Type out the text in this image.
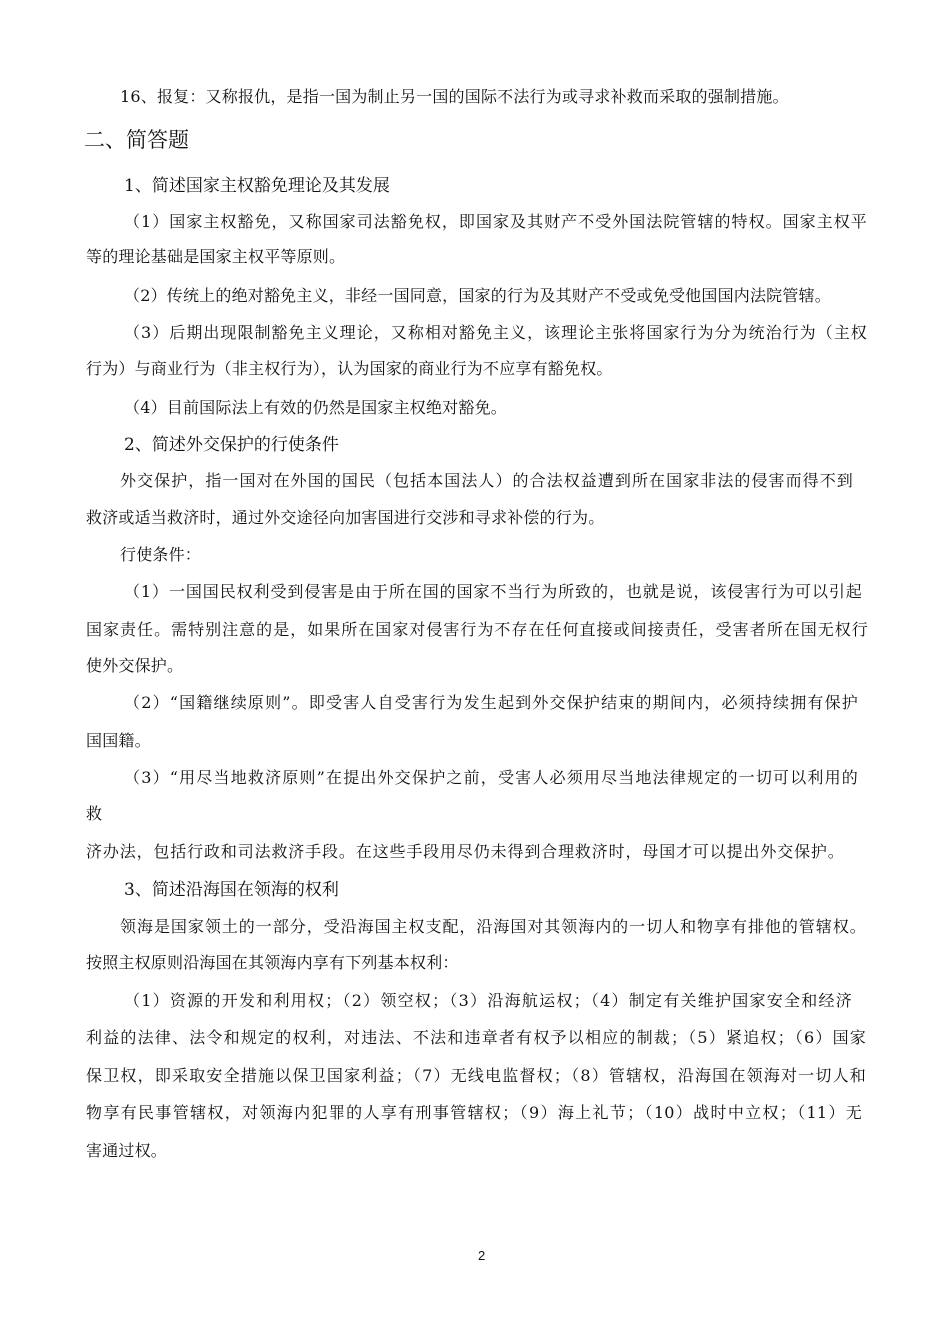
16、报复：又称报仇，是指一国为制止另一国的国际不法行为或寻求补救而采取的强制措施。
二、简答题
1、简述国家主权豁免理论及其发展
（1）国家主权豁免，又称国家司法豁免权，即国家及其财产不受外国法院管辖的特权。国家主权平
等的理论基础是国家主权平等原则。
（2）传统上的绝对豁免主义，非经一国同意，国家的行为及其财产不受或免受他国国内法院管辖。
（3）后期出现限制豁免主义理论，又称相对豁免主义，该理论主张将国家行为分为统治行为（主权
行为）与商业行为（非主权行为），认为国家的商业行为不应享有豁免权。
（4）目前国际法上有效的仍然是国家主权绝对豁免。
2、简述外交保护的行使条件
外交保护，指一国对在外国的国民（包括本国法人）的合法权益遭到所在国家非法的侵害而得不到
救济或适当救济时，通过外交途径向加害国进行交涉和寻求补偿的行为。
行使条件：
（1）一国国民权利受到侵害是由于所在国的国家不当行为所致的，也就是说，该侵害行为可以引起
国家责任。需特别注意的是，如果所在国家对侵害行为不存在任何直接或间接责任，受害者所在国无权行
使外交保护。
（2）“国籍继续原则”。即受害人自受害行为发生起到外交保护结束的期间内，必须持续拥有保护
国国籍。
（3）“用尽当地救济原则”在提出外交保护之前，受害人必须用尽当地法律规定的一切可以利用的
救
济办法，包括行政和司法救济手段。在这些手段用尽仍未得到合理救济时，母国才可以提出外交保护。
3、简述沿海国在领海的权利
领海是国家领土的一部分，受沿海国主权支配，沿海国对其领海内的一切人和物享有排他的管辖权。
按照主权原则沿海国在其领海内享有下列基本权利：
（1）资源的开发和利用权；（2）领空权；（3）沿海航运权；（4）制定有关维护国家安全和经济
利益的法律、法令和规定的权利，对违法、不法和违章者有权予以相应的制裁；（5）紧追权；（6）国家
保卫权，即采取安全措施以保卫国家利益；（7）无线电监督权；（8）管辖权，沿海国在领海对一切人和
物享有民事管辖权，对领海内犯罪的人享有刑事管辖权；（9）海上礼节；（10）战时中立权；（11）无
害通过权。
2
